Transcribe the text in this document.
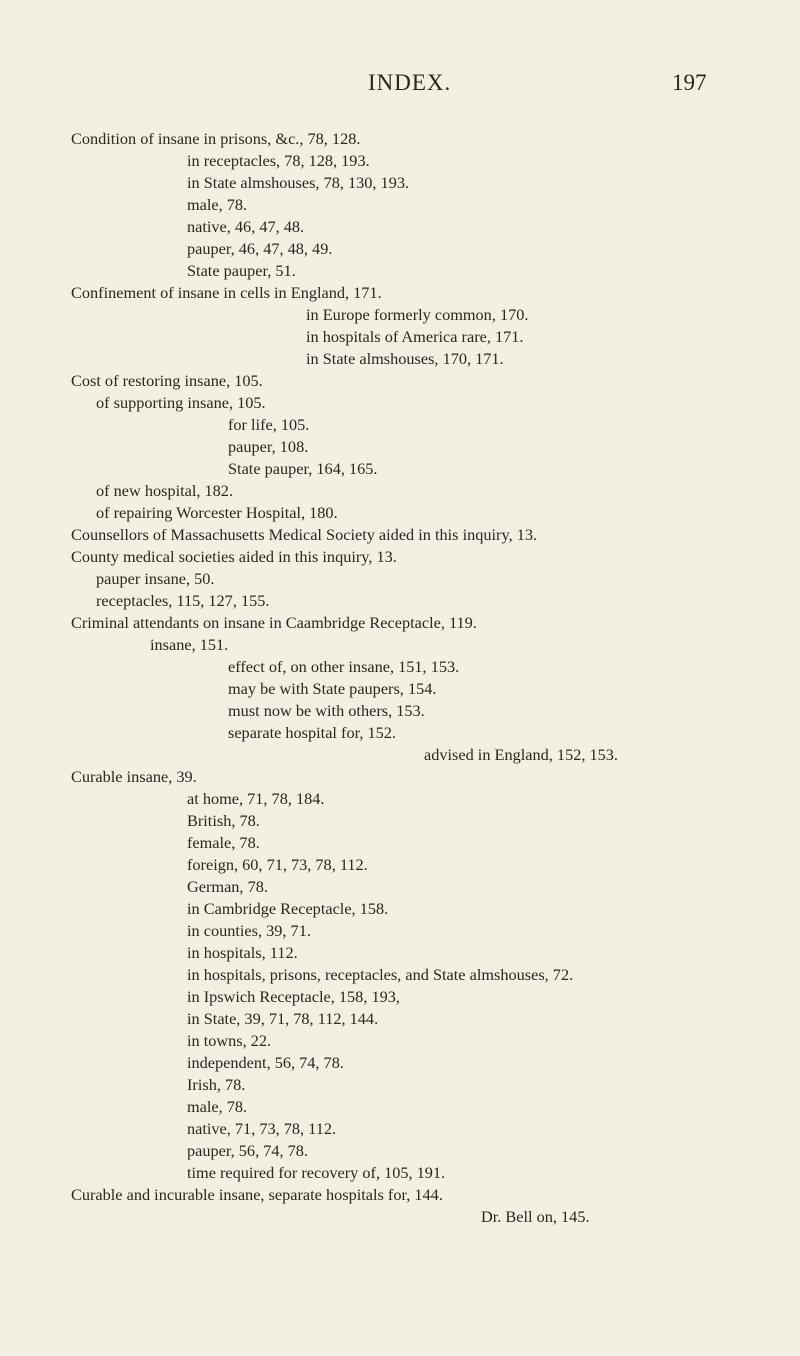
INDEX.	197
Condition of insane in prisons, &c., 78, 128.
in receptacles, 78, 128, 193.
in State almshouses, 78, 130, 193.
male, 78.
native, 46, 47, 48.
pauper, 46, 47, 48, 49.
State pauper, 51.
Confinement of insane in cells in England, 171.
in Europe formerly common, 170.
in hospitals of America rare, 171.
in State almshouses, 170, 171.
Cost of restoring insane, 105.
of supporting insane, 105.
for life, 105.
pauper, 108.
State pauper, 164, 165.
of new hospital, 182.
of repairing Worcester Hospital, 180.
Counsellors of Massachusetts Medical Society aided in this inquiry, 13.
County medical societies aided in this inquiry, 13.
pauper insane, 50.
receptacles, 115, 127, 155.
Criminal attendants on insane in Caambridge Receptacle, 119.
insane, 151.
effect of, on other insane, 151, 153.
may be with State paupers, 154.
must now be with others, 153.
separate hospital for, 152.
advised in England, 152, 153.
Curable insane, 39.
at home, 71, 78, 184.
British, 78.
female, 78.
foreign, 60, 71, 73, 78, 112.
German, 78.
in Cambridge Receptacle, 158.
in counties, 39, 71.
in hospitals, 112.
in hospitals, prisons, receptacles, and State almshouses, 72.
in Ipswich Receptacle, 158, 193,
in State, 39, 71, 78, 112, 144.
in towns, 22.
independent, 56, 74, 78.
Irish, 78.
male, 78.
native, 71, 73, 78, 112.
pauper, 56, 74, 78.
time required for recovery of, 105, 191.
Curable and incurable insane, separate hospitals for, 144.
Dr. Bell on, 145.
